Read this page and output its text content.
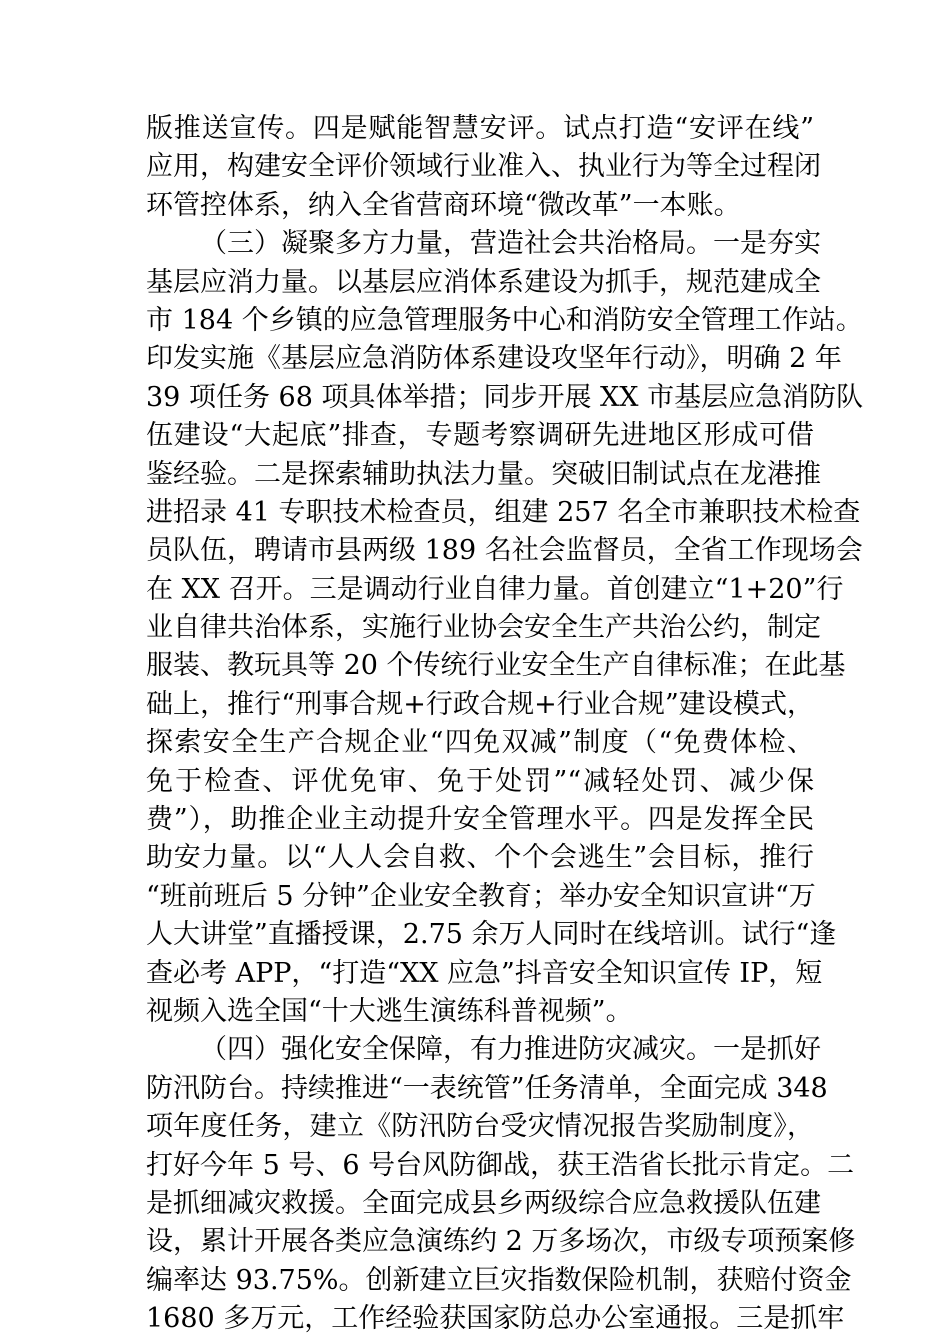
版推送宣传。四是赋能智慧安评。试点打造“安评在线”
应用，构建安全评价领域行业准入、执业行为等全过程闭
环管控体系，纳入全省营商环境“微改革”一本账。
（三）凝聚多方力量，营造社会共治格局。一是夯实
基层应消力量。以基层应消体系建设为抓手，规范建成全
市 184 个乡镇的应急管理服务中心和消防安全管理工作站。
印发实施《基层应急消防体系建设攻坚年行动》，明确 2 年
39 项任务 68 项具体举措；同步开展 XX 市基层应急消防队
伍建设“大起底”排查，专题考察调研先进地区形成可借
鉴经验。二是探索辅助执法力量。突破旧制试点在龙港推
进招录 41 专职技术检查员，组建 257 名全市兼职技术检查
员队伍，聘请市县两级 189 名社会监督员，全省工作现场会
在 XX 召开。三是调动行业自律力量。首创建立“1+20”行
业自律共治体系，实施行业协会安全生产共治公约，制定
服装、教玩具等 20 个传统行业安全生产自律标准；在此基
础上，推行“刑事合规+行政合规+行业合规”建设模式，
探索安全生产合规企业“四免双减”制度（“免费体检、
免于检查、评优免审、免于处罚”“减轻处罚、减少保
费”），助推企业主动提升安全管理水平。四是发挥全民
助安力量。以“人人会自救、个个会逃生”会目标，推行
“班前班后 5 分钟”企业安全教育；举办安全知识宣讲“万
人大讲堂”直播授课，2.75 余万人同时在线培训。试行“逢
查必考 APP，“打造“XX 应急”抖音安全知识宣传 IP，短
视频入选全国“十大逃生演练科普视频”。
（四）强化安全保障，有力推进防灾减灾。一是抓好
防汛防台。持续推进“一表统管”任务清单，全面完成 348
项年度任务，建立《防汛防台受灾情况报告奖励制度》，
打好今年 5 号、6 号台风防御战，获王浩省长批示肯定。二
是抓细减灾救援。全面完成县乡两级综合应急救援队伍建
设，累计开展各类应急演练约 2 万多场次，市级专项预案修
编率达 93.75%。创新建立巨灾指数保险机制，获赔付资金
1680 多万元，工作经验获国家防总办公室通报。三是抓牢
